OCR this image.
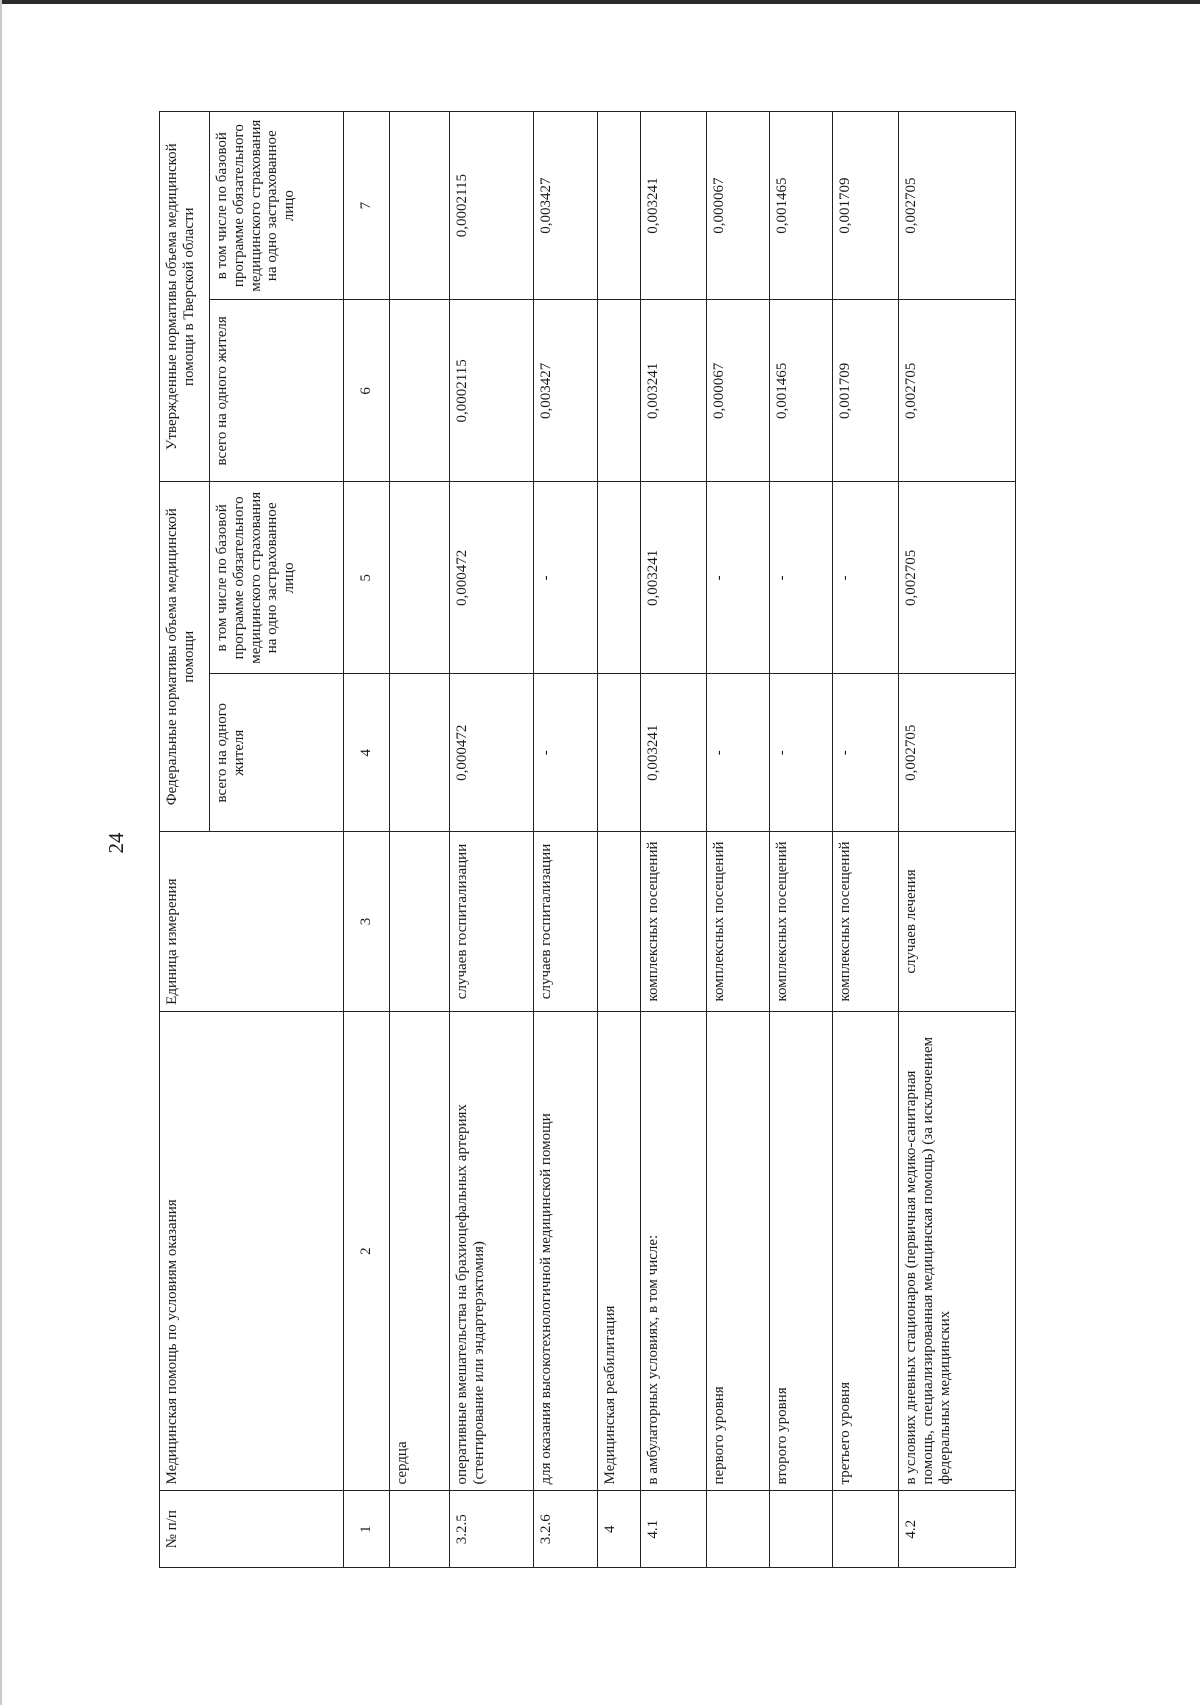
24
№ п/п	Медицинская помощь по условиям оказания	Единица измерения	Федеральные нормативы объема медицинской помощи		Утвержденные нормативы объема медицинской помощи в Тверской области	
			всего на одного жителя	в том числе по базовой программе обязательного медицинского страхования на одно застрахованное лицо	всего на одного жителя	в том числе по базовой программе обязательного медицинского страхования на одно застрахованное лицо
1	2	3	4	5	6	7
	сердца					
3.2.5	оперативные вмешательства на брахиоцефальных артериях (стентирование или эндартерэктомия)	случаев госпитализации	0,000472	0,000472	0,0002115	0,0002115
3.2.6	для оказания высокотехнологичной медицинской помощи	случаев госпитализации	-	-	0,003427	0,003427
4	Медицинская реабилитация					
4.1	в амбулаторных условиях, в том числе:	комплексных посещений	0,003241	0,003241	0,003241	0,003241
	первого уровня	комплексных посещений	-	-	0,000067	0,000067
	второго уровня	комплексных посещений	-	-	0,001465	0,001465
	третьего уровня	комплексных посещений	-	-	0,001709	0,001709
4.2	в условиях дневных стационаров (первичная медико-санитарная помощь, специализированная медицинская помощь) (за исключением федеральных медицинских	случаев лечения	0,002705	0,002705	0,002705	0,002705
